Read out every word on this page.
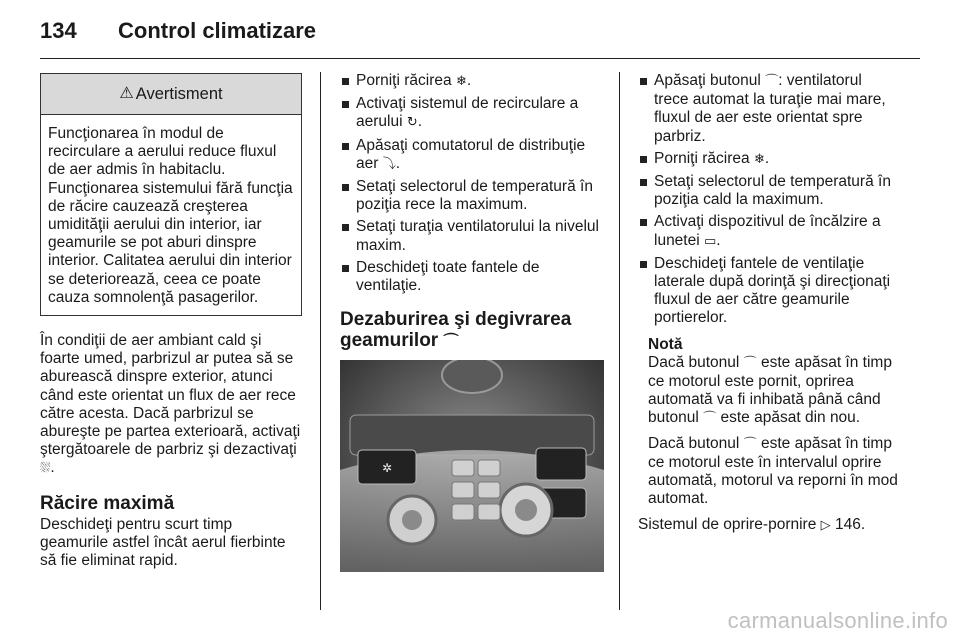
134 Control climatizare
⚠ Avertisment
Funcţionarea în modul de recirculare a aerului reduce fluxul de aer admis în habitaclu. Funcţionarea sistemului fără funcţia de răcire cauzează creşterea umidităţii aerului din interior, iar geamurile se pot aburi dinspre interior. Calitatea aerului din interior se deteriorează, ceea ce poate cauza somnolenţă pasagerilor.

În condiţii de aer ambiant cald şi foarte umed, parbrizul ar putea să se aburească dinspre exterior, atunci când este orientat un flux de aer rece către acesta. Dacă parbrizul se abureşte pe partea exterioară, activaţi ştergătoarele de parbriz şi dezactivaţi ⛆.

Răcire maximă

Deschideţi pentru scurt timp geamurile astfel încât aerul fierbinte să fie eliminat rapid.

Porniţi răcirea ❄.
Activaţi sistemul de recirculare a aerului ↻.
Apăsaţi comutatorul de distribuţie aer ⤵.
Setaţi selectorul de temperatură în poziţia rece la maximum.
Setaţi turaţia ventilatorului la nivelul maxim.
Deschideţi toate fantele de ventilaţie.
Dezaburirea şi degivrarea geamurilor ⌒
✲
Apăsaţi butonul ⌒: ventilatorul trece automat la turaţie mai mare, fluxul de aer este orientat spre parbriz.
Porniţi răcirea ❄.
Setaţi selectorul de temperatură în poziţia cald la maximum.
Activaţi dispozitivul de încălzire a lunetei ▭.
Deschideţi fantele de ventilaţie laterale după dorinţă şi direcţionaţi fluxul de aer către geamurile portierelor.
Notă

Dacă butonul ⌒ este apăsat în timp ce motorul este pornit, oprirea automată va fi inhibată până când butonul ⌒ este apăsat din nou.

Dacă butonul ⌒ este apăsat în timp ce motorul este în intervalul oprire automată, motorul va reporni în mod automat.

Sistemul de oprire-pornire ▷ 146.

carmanualsonline.info
